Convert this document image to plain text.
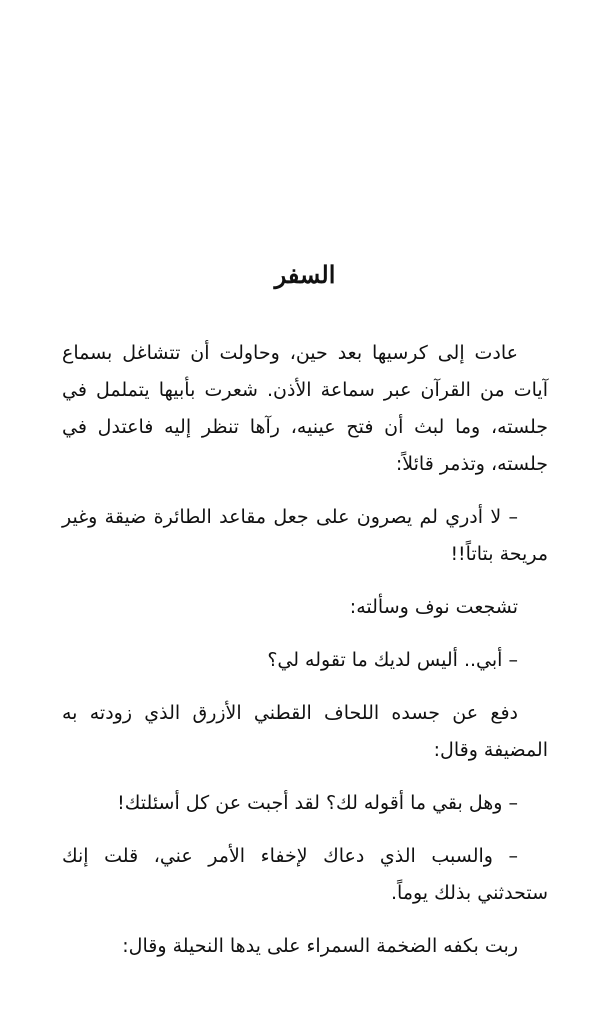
السفر

عادت إلى كرسيها بعد حين، وحاولت أن تتشاغل بسماع آيات من القرآن عبر سماعة الأذن. شعرت بأبيها يتململ في جلسته، وما لبث أن فتح عينيه، رآها تنظر إليه فاعتدل في جلسته، وتذمر قائلاً:

– لا أدري لم يصرون على جعل مقاعد الطائرة ضيقة وغير مريحة بتاتاً!!

تشجعت نوف وسألته:

– أبي.. أليس لديك ما تقوله لي؟

دفع عن جسده اللحاف القطني الأزرق الذي زودته به المضيفة وقال:

– وهل بقي ما أقوله لك؟ لقد أجبت عن كل أسئلتك!

– والسبب الذي دعاك لإخفاء الأمر عني، قلت إنك ستحدثني بذلك يوماً.

ربت بكفه الضخمة السمراء على يدها النحيلة وقال:
